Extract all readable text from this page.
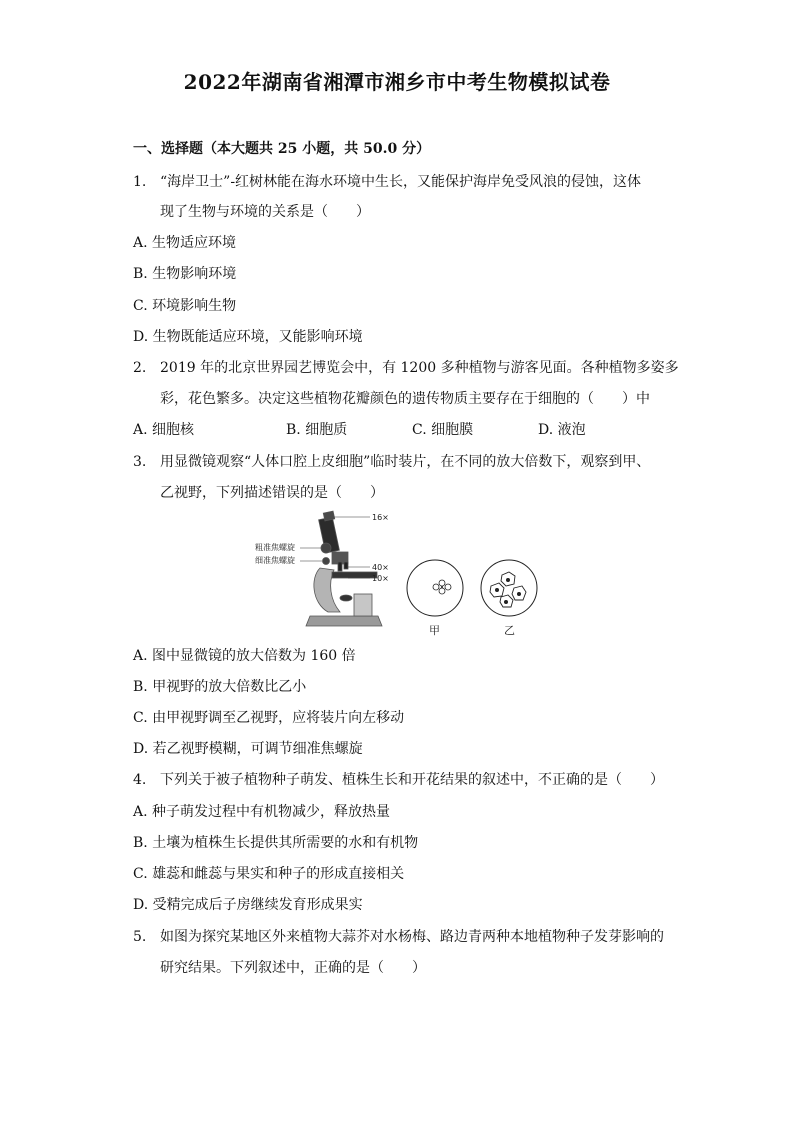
2022年湖南省湘潭市湘乡市中考生物模拟试卷
一、选择题（本大题共 25 小题，共 50.0 分）
1. “海岸卫士”-红树林能在海水环境中生长，又能保护海岸免受风浪的侵蚀，这体
现了生物与环境的关系是（　　）
A. 生物适应环境
B. 生物影响环境
C. 环境影响生物
D. 生物既能适应环境，又能影响环境
2. 2019 年的北京世界园艺博览会中，有 1200 多种植物与游客见面。各种植物多姿多
彩，花色繁多。决定这些植物花瓣颜色的遗传物质主要存在于细胞的（　　）中
A. 细胞核	B. 细胞质	C. 细胞膜	D. 液泡
3. 用显微镜观察“人体口腔上皮细胞”临时装片，在不同的放大倍数下，观察到甲、
乙视野，下列描述错误的是（　　）
粗准焦螺旋
细准焦螺旋
16×
40×
10×
甲	乙
A. 图中显微镜的放大倍数为 160 倍
B. 甲视野的放大倍数比乙小
C. 由甲视野调至乙视野，应将装片向左移动
D. 若乙视野模糊，可调节细准焦螺旋
4. 下列关于被子植物种子萌发、植株生长和开花结果的叙述中，不正确的是（　　）
A. 种子萌发过程中有机物减少，释放热量
B. 土壤为植株生长提供其所需要的水和有机物
C. 雄蕊和雌蕊与果实和种子的形成直接相关
D. 受精完成后子房继续发育形成果实
5. 如图为探究某地区外来植物大蒜芥对水杨梅、路边青两种本地植物种子发芽影响的
研究结果。下列叙述中，正确的是（　　）
